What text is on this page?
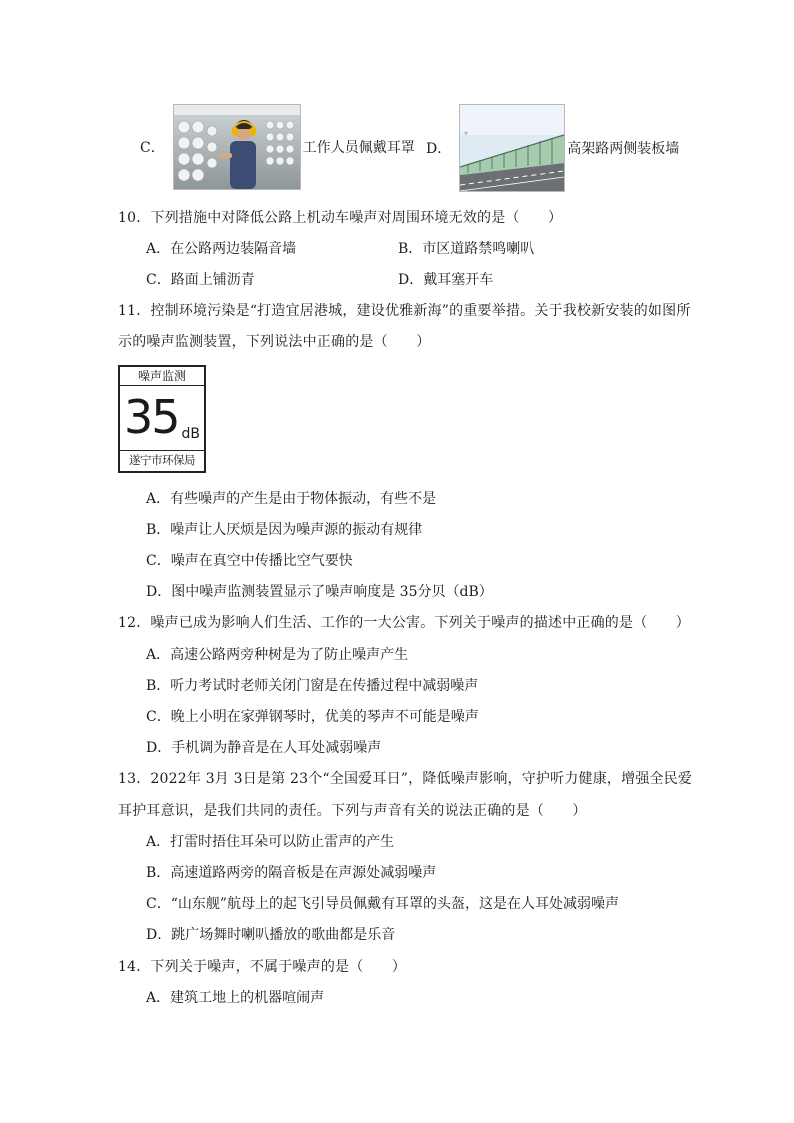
C．	工作人员佩戴耳罩 D．	高架路两侧装板墙
10．下列措施中对降低公路上机动车噪声对周围环境无效的是（　　）
A．在公路两边装隔音墙	B．市区道路禁鸣喇叭
C．路面上铺沥青	D．戴耳塞开车
11．控制环境污染是“打造宜居港城，建设优雅新海”的重要举措。关于我校新安装的如图所
示的噪声监测装置，下列说法中正确的是（　　）
噪声监测
35 dB
遂宁市环保局
A．有些噪声的产生是由于物体振动，有些不是
B．噪声让人厌烦是因为噪声源的振动有规律
C．噪声在真空中传播比空气要快
D．图中噪声监测装置显示了噪声响度是 35分贝（dB）
12．噪声已成为影响人们生活、工作的一大公害。下列关于噪声的描述中正确的是（　　）
A．高速公路两旁种树是为了防止噪声产生
B．听力考试时老师关闭门窗是在传播过程中减弱噪声
C．晚上小明在家弹钢琴时，优美的琴声不可能是噪声
D．手机调为静音是在人耳处减弱噪声
13．2022年 3月 3日是第 23个“全国爱耳日”，降低噪声影响，守护听力健康，增强全民爱
耳护耳意识，是我们共同的责任。下列与声音有关的说法正确的是（　　）
A．打雷时捂住耳朵可以防止雷声的产生
B．高速道路两旁的隔音板是在声源处减弱噪声
C．“山东舰”航母上的起飞引导员佩戴有耳罩的头盔，这是在人耳处减弱噪声
D．跳广场舞时喇叭播放的歌曲都是乐音
14．下列关于噪声，不属于噪声的是（　　）
A．建筑工地上的机器喧闹声
